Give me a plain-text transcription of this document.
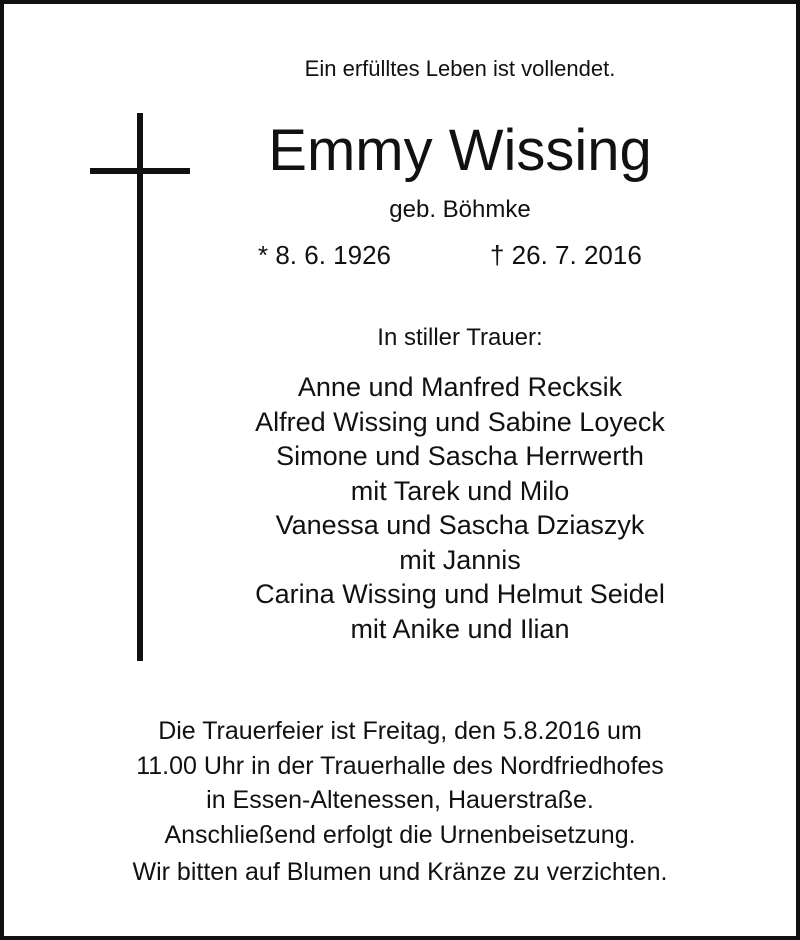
Ein erfülltes Leben ist vollendet.
Emmy Wissing
geb. Böhmke
* 8. 6. 1926	† 26. 7. 2016
In stiller Trauer:
Anne und Manfred Recksik
Alfred Wissing und Sabine Loyeck
Simone und Sascha Herrwerth
mit Tarek und Milo
Vanessa und Sascha Dziaszyk
mit Jannis
Carina Wissing und Helmut Seidel
mit Anike und Ilian
Die Trauerfeier ist Freitag, den 5.8.2016 um
11.00 Uhr in der Trauerhalle des Nordfriedhofes
in Essen-Altenessen, Hauerstraße.
Anschließend erfolgt die Urnenbeisetzung.
Wir bitten auf Blumen und Kränze zu verzichten.
